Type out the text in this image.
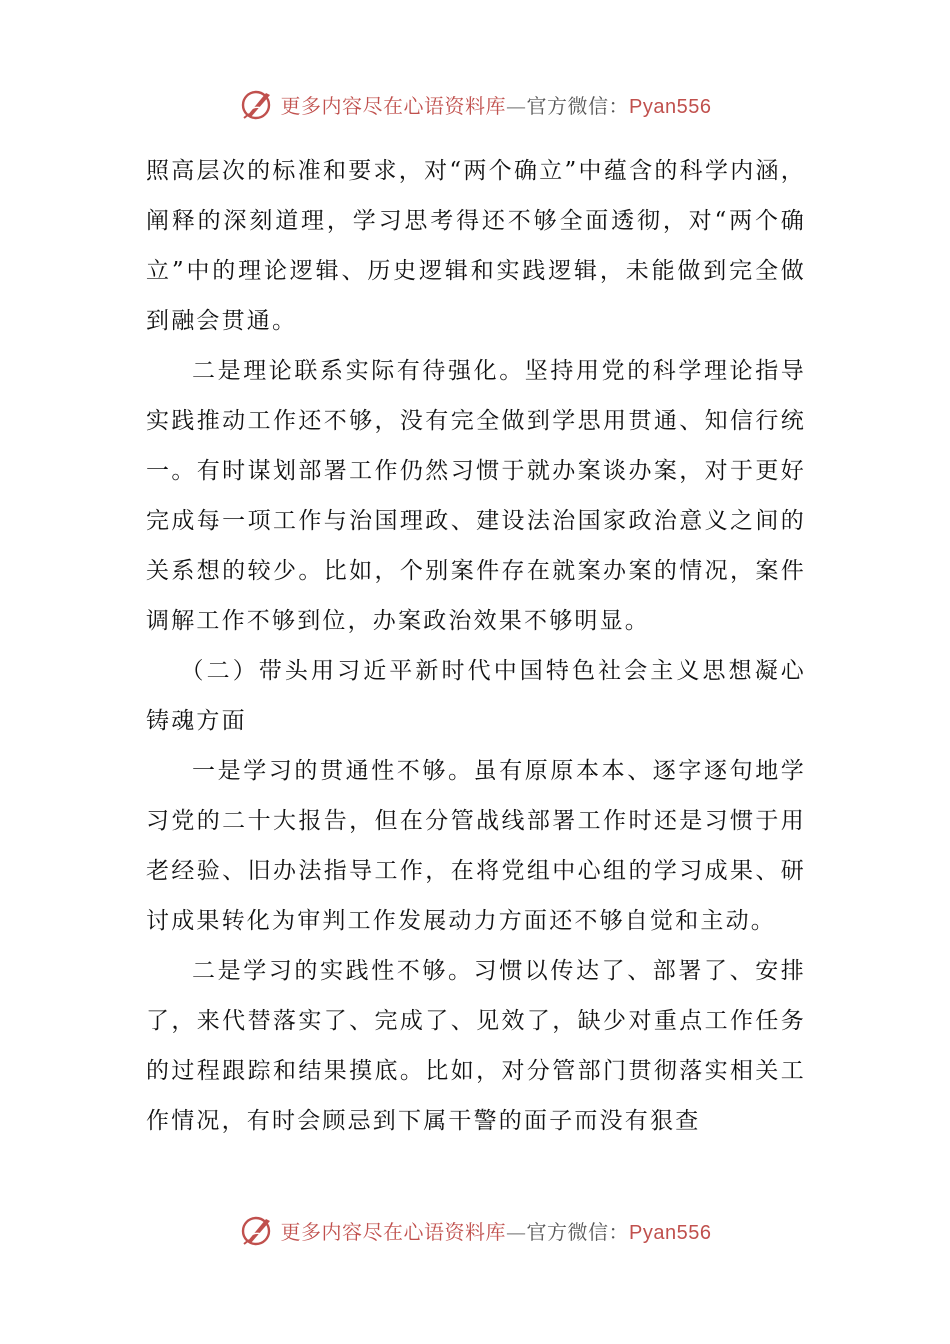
更多内容尽在心语资料库—官方微信：Pyan556

照高层次的标准和要求，对“两个确立”中蕴含的科学内涵，阐释的深刻道理，学习思考得还不够全面透彻，对“两个确立”中的理论逻辑、历史逻辑和实践逻辑，未能做到完全做到融会贯通。

二是理论联系实际有待强化。坚持用党的科学理论指导实践推动工作还不够，没有完全做到学思用贯通、知信行统一。有时谋划部署工作仍然习惯于就办案谈办案，对于更好完成每一项工作与治国理政、建设法治国家政治意义之间的关系想的较少。比如，个别案件存在就案办案的情况，案件调解工作不够到位，办案政治效果不够明显。

（二）带头用习近平新时代中国特色社会主义思想凝心铸魂方面

一是学习的贯通性不够。虽有原原本本、逐字逐句地学习党的二十大报告，但在分管战线部署工作时还是习惯于用老经验、旧办法指导工作，在将党组中心组的学习成果、研讨成果转化为审判工作发展动力方面还不够自觉和主动。

二是学习的实践性不够。习惯以传达了、部署了、安排了，来代替落实了、完成了、见效了，缺少对重点工作任务的过程跟踪和结果摸底。比如，对分管部门贯彻落实相关工作情况，有时会顾忌到下属干警的面子而没有狠查

更多内容尽在心语资料库—官方微信：Pyan556
